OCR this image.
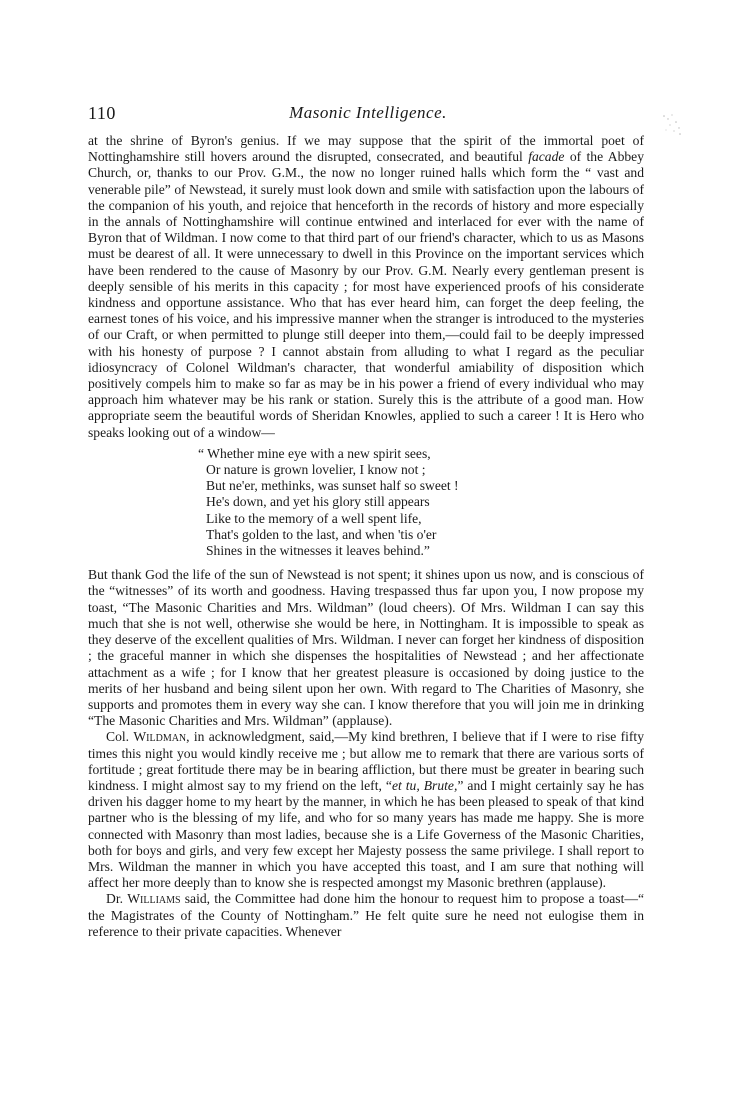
110	Masonic Intelligence.

at the shrine of Byron's genius. If we may suppose that the spirit of the immortal poet of Nottinghamshire still hovers around the disrupted, consecrated, and beautiful facade of the Abbey Church, or, thanks to our Prov. G.M., the now no longer ruined halls which form the “ vast and venerable pile” of Newstead, it surely must look down and smile with satisfaction upon the labours of the companion of his youth, and rejoice that henceforth in the records of history and more especially in the annals of Nottinghamshire will continue entwined and interlaced for ever with the name of Byron that of Wildman. I now come to that third part of our friend's character, which to us as Masons must be dearest of all. It were unnecessary to dwell in this Province on the important services which have been rendered to the cause of Masonry by our Prov. G.M. Nearly every gentleman present is deeply sensible of his merits in this capacity ; for most have experienced proofs of his considerate kindness and opportune assistance. Who that has ever heard him, can forget the deep feeling, the earnest tones of his voice, and his impressive manner when the stranger is introduced to the mysteries of our Craft, or when permitted to plunge still deeper into them,—could fail to be deeply impressed with his honesty of purpose ? I cannot abstain from alluding to what I regard as the peculiar idiosyncracy of Colonel Wildman's character, that wonderful amiability of disposition which positively compels him to make so far as may be in his power a friend of every individual who may approach him whatever may be his rank or station. Surely this is the attribute of a good man. How appropriate seem the beautiful words of Sheridan Knowles, applied to such a career ! It is Hero who speaks looking out of a window—

“ Whether mine eye with a new spirit sees,
Or nature is grown lovelier, I know not ;
But ne'er, methinks, was sunset half so sweet !
He's down, and yet his glory still appears
Like to the memory of a well spent life,
That's golden to the last, and when 'tis o'er
Shines in the witnesses it leaves behind.”

But thank God the life of the sun of Newstead is not spent; it shines upon us now, and is conscious of the “witnesses” of its worth and goodness. Having trespassed thus far upon you, I now propose my toast, “The Masonic Charities and Mrs. Wildman” (loud cheers). Of Mrs. Wildman I can say this much that she is not well, otherwise she would be here, in Nottingham. It is impossible to speak as they deserve of the excellent qualities of Mrs. Wildman. I never can forget her kindness of disposition ; the graceful manner in which she dispenses the hospitalities of Newstead ; and her affectionate attachment as a wife ; for I know that her greatest pleasure is occasioned by doing justice to the merits of her husband and being silent upon her own. With regard to The Charities of Masonry, she supports and promotes them in every way she can. I know therefore that you will join me in drinking “The Masonic Charities and Mrs. Wildman” (applause).

Col. Wildman, in acknowledgment, said,—My kind brethren, I believe that if I were to rise fifty times this night you would kindly receive me ; but allow me to remark that there are various sorts of fortitude ; great fortitude there may be in bearing affliction, but there must be greater in bearing such kindness. I might almost say to my friend on the left, “et tu, Brute,” and I might certainly say he has driven his dagger home to my heart by the manner, in which he has been pleased to speak of that kind partner who is the blessing of my life, and who for so many years has made me happy. She is more connected with Masonry than most ladies, because she is a Life Governess of the Masonic Charities, both for boys and girls, and very few except her Majesty possess the same privilege. I shall report to Mrs. Wildman the manner in which you have accepted this toast, and I am sure that nothing will affect her more deeply than to know she is respected amongst my Masonic brethren (applause).

Dr. Williams said, the Committee had done him the honour to request him to propose a toast—“ the Magistrates of the County of Nottingham.” He felt quite sure he need not eulogise them in reference to their private capacities. Whenever
